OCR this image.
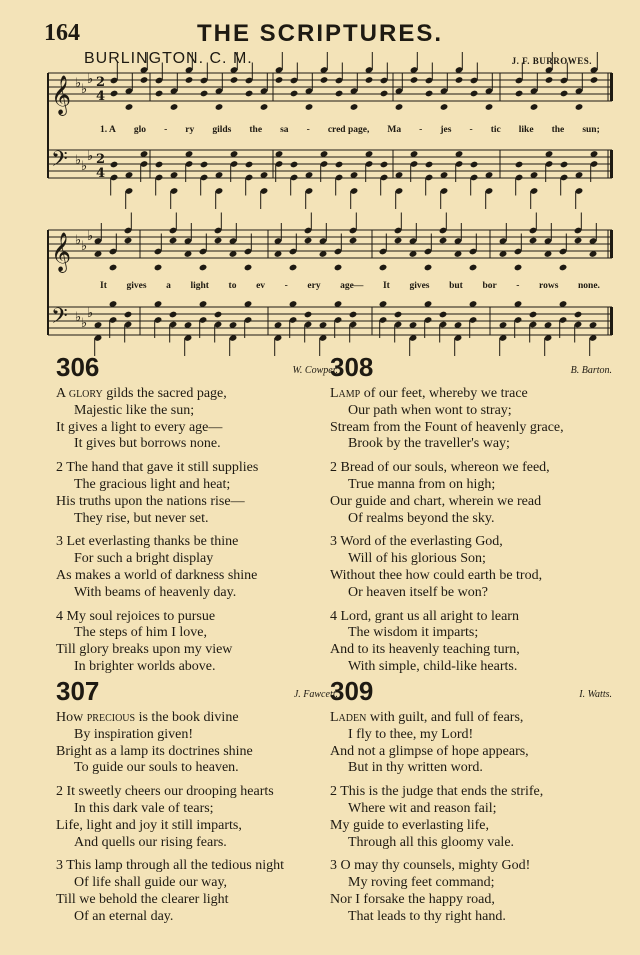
164	THE SCRIPTURES.
BURLINGTON. C. M.	J. F. BURROWES.
𝄞 ♭ ♭
♭ 2
4
𝄢 ♭ ♭
♭ 2
4
𝄞 ♭ ♭
♭
𝄢 ♭ ♭
♭
1. A glo - ry gilds the sa - cred page, Ma - jes - tic like the sun;
It gives a light to ev - ery age— It gives but bor - rows none.
306	W. Cowper.
A glory gilds the sacred page,
Majestic like the sun;
It gives a light to every age—
It gives but borrows none.
2 The hand that gave it still supplies
The gracious light and heat;
His truths upon the nations rise—
They rise, but never set.
3 Let everlasting thanks be thine
For such a bright display
As makes a world of darkness shine
With beams of heavenly day.
4 My soul rejoices to pursue
The steps of him I love,
Till glory breaks upon my view
In brighter worlds above.
307	J. Fawcett.
How precious is the book divine
By inspiration given!
Bright as a lamp its doctrines shine
To guide our souls to heaven.
2 It sweetly cheers our drooping hearts
In this dark vale of tears;
Life, light and joy it still imparts,
And quells our rising fears.
3 This lamp through all the tedious night
Of life shall guide our way,
Till we behold the clearer light
Of an eternal day.
308	B. Barton.
Lamp of our feet, whereby we trace
Our path when wont to stray;
Stream from the Fount of heavenly grace,
Brook by the traveller's way;
2 Bread of our souls, whereon we feed,
True manna from on high;
Our guide and chart, wherein we read
Of realms beyond the sky.
3 Word of the everlasting God,
Will of his glorious Son;
Without thee how could earth be trod,
Or heaven itself be won?
4 Lord, grant us all aright to learn
The wisdom it imparts;
And to its heavenly teaching turn,
With simple, child-like hearts.
309	I. Watts.
Laden with guilt, and full of fears,
I fly to thee, my Lord!
And not a glimpse of hope appears,
But in thy written word.
2 This is the judge that ends the strife,
Where wit and reason fail;
My guide to everlasting life,
Through all this gloomy vale.
3 O may thy counsels, mighty God!
My roving feet command;
Nor I forsake the happy road,
That leads to thy right hand.
